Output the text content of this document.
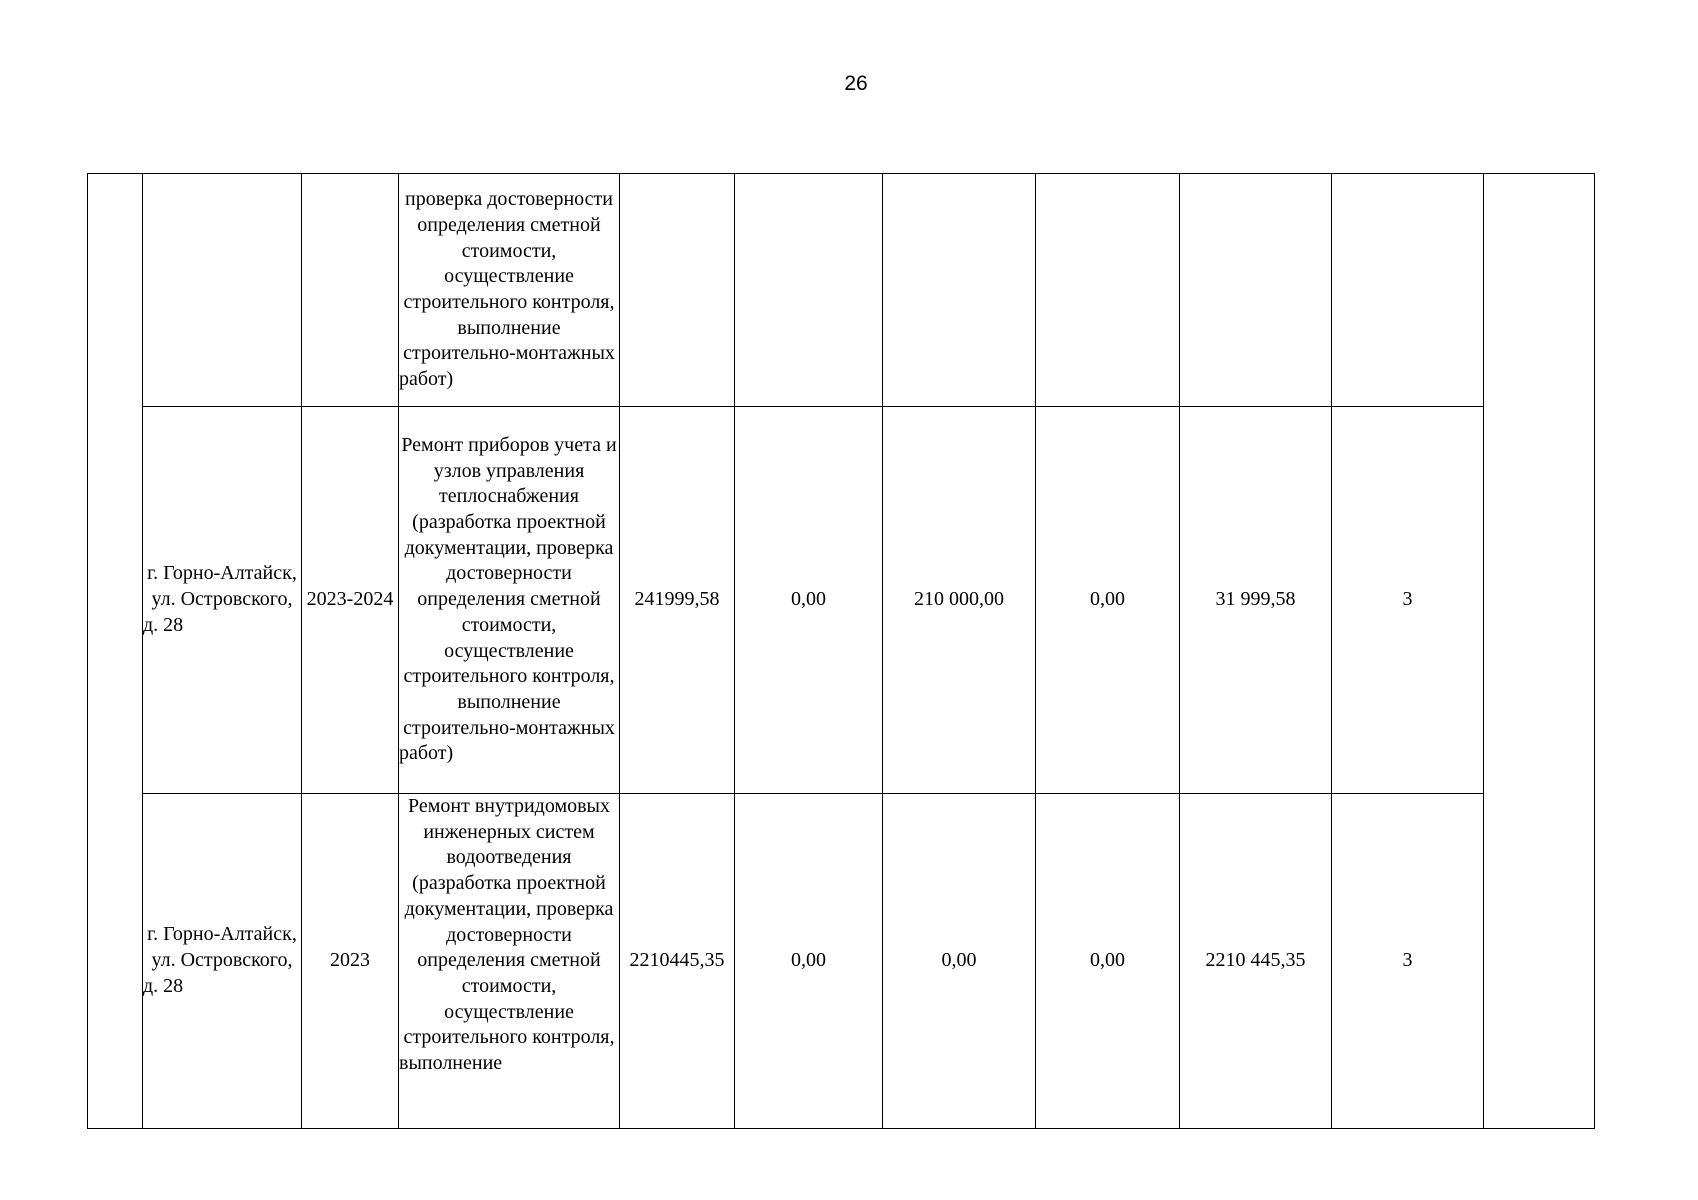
26

			проверка достоверности определения сметной стоимости, осуществление строительного контроля, выполнение строительно-монтажных работ)							

	г. Горно-Алтайск, ул. Островского, д. 28	2023-2024	Ремонт приборов учета и узлов управления теплоснабжения (разработка проектной документации, проверка достоверности определения сметной стоимости, осуществление строительного контроля, выполнение строительно-монтажных работ)	241999,58	0,00	210 000,00	0,00	31 999,58	3	
	г. Горно-Алтайск, ул. Островского, д. 28	2023	Ремонт внутридомовых инженерных систем водоотведения (разработка проектной документации, проверка достоверности определения сметной стоимости, осуществление строительного контроля, выполнение	2210445,35	0,00	0,00	0,00	2210 445,35	3	
